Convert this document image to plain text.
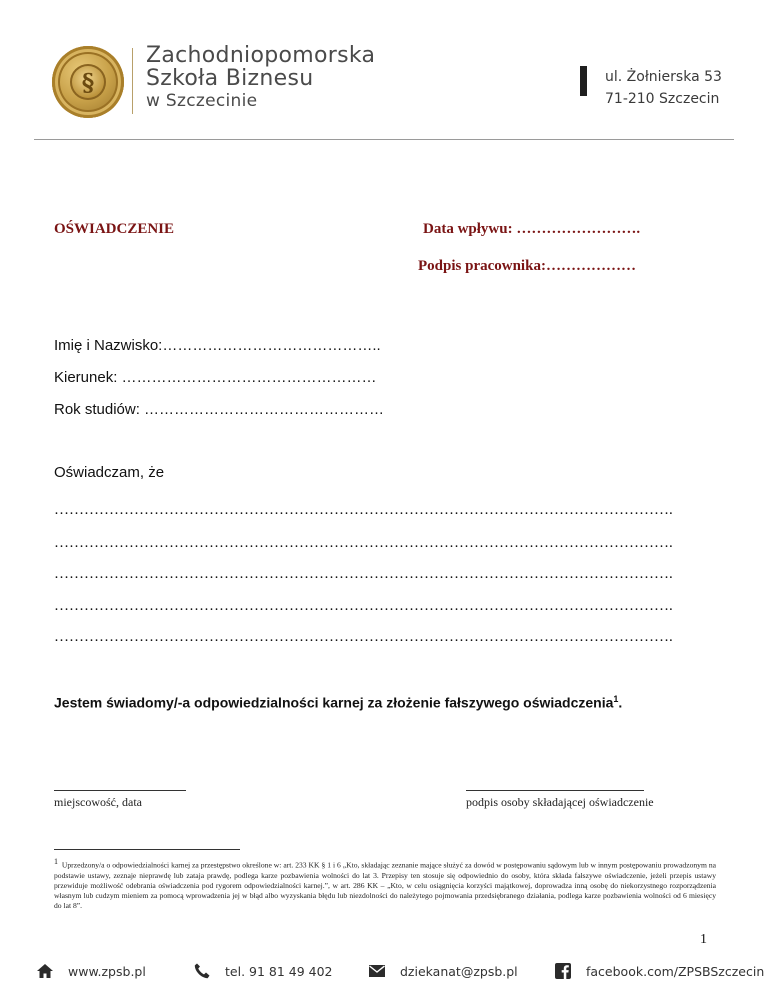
§
Zachodniopomorska
Szkoła Biznesu
w Szczecinie
ul. Żołnierska 53
71-210 Szczecin
OŚWIADCZENIE	Data wpływu: …………………….
Podpis pracownika:………………
Imię i Nazwisko:……………………………………..
Kierunek: ……………………………………………
Rok studiów: …………………………………………
Oświadczam, że
…………………………………………………………………………………………………………….
…………………………………………………………………………………………………………….
…………………………………………………………………………………………………………….
…………………………………………………………………………………………………………….
…………………………………………………………………………………………………………….
Jestem świadomy/-a odpowiedzialności karnej za złożenie fałszywego oświadczenia$^1$.
miejscowość, data	podpis osoby składającej oświadczenie
$^1$ Uprzedzony/a o odpowiedzialności karnej za przestępstwo określone w: art. 233 KK § 1 i 6 „Kto, składając zeznanie mające służyć za dowód w postępowaniu sądowym lub w innym postępowaniu prowadzonym na podstawie ustawy, zeznaje nieprawdę lub zataja prawdę, podlega karze pozbawienia wolności do lat 3. Przepisy ten stosuje się odpowiednio do osoby, która składa fałszywe oświadczenie, jeżeli przepis ustawy przewiduje możliwość odebrania oświadczenia pod rygorem odpowiedzialności karnej.”, w art. 286 KK – „Kto, w celu osiągnięcia korzyści majątkowej, doprowadza inną osobę do niekorzystnego rozporządzenia własnym lub cudzym mieniem za pomocą wprowadzenia jej w błąd albo wyzyskania błędu lub niezdolności do należytego pojmowania przedsiębranego działania, podlega karze pozbawienia wolności od 6 miesięcy do lat 8”.
1
www.zpsb.pl	tel. 91 81 49 402	dziekanat@zpsb.pl	facebook.com/ZPSBSzczecin
